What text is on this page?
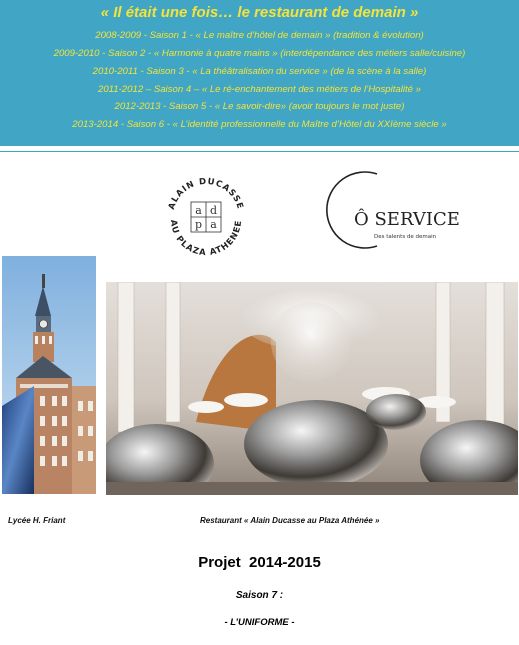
« Il était une fois… le restaurant de demain »
2008-2009 - Saison 1 - « Le maître d’hôtel de demain » (tradition & évolution)
2009-2010 - Saison 2 - « Harmonie à quatre mains » (interdépendance des métiers salle/cuisine)
2010-2011 - Saison 3 - « La théâtralisation du service » (de la scène à la salle)
2011-2012 – Saison 4 – « Le ré-enchantement des métiers de l’Hospitalité »
2012-2013 - Saison 5 - « Le savoir-dire» (avoir toujours le mot juste)
2013-2014 - Saison 6 - « L’identité professionnelle du Maître d’Hôtel du XXIème siècle »
ALAIN DUCASSE
AU PLAZA ATHENEE
a d
p a	Ô SERVICE
Des talents de demain
Lycée H. Friant	Restaurant « Alain Ducasse au Plaza Athénée »
Projet  2014-2015
Saison 7 :
- L’UNIFORME -
